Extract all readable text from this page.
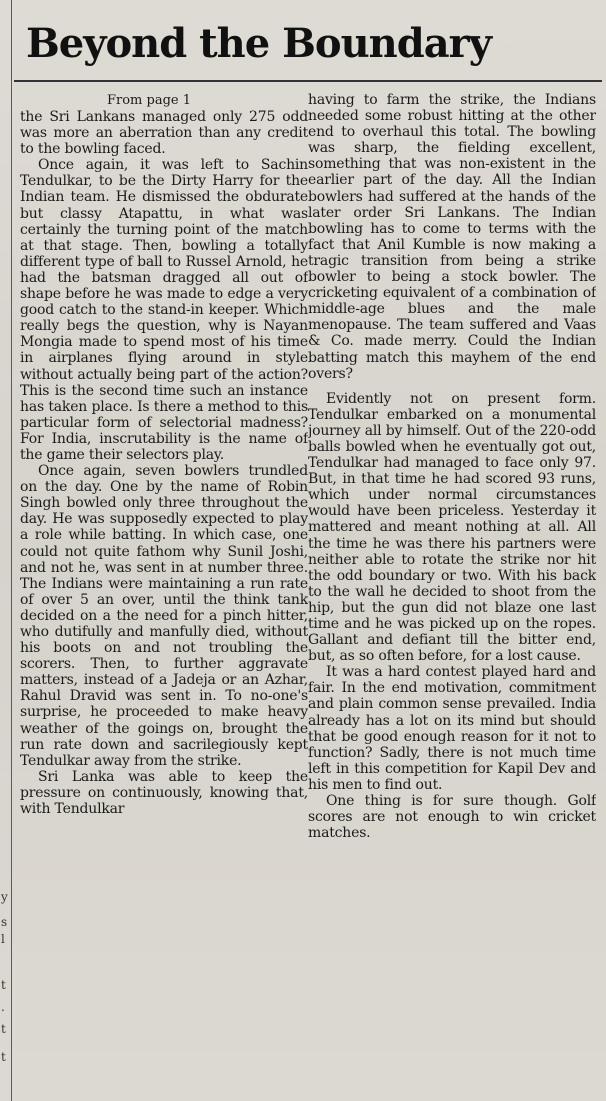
y
s
l
t
.
t
t
Beyond the Boundary
From page 1

the Sri Lankans managed only 275 odd was more an aberration than any credit to the bowling faced.

Once again, it was left to Sachin Tendulkar, to be the Dirty Harry for the Indian team. He dismissed the obdurate but classy Atapattu, in what was certainly the turning point of the match at that stage. Then, bowling a totally different type of ball to Russel Arnold, he had the batsman dragged all out of shape before he was made to edge a very good catch to the stand-in keeper. Which really begs the question, why is Nayan Mongia made to spend most of his time in airplanes flying around in style without actually being part of the action? This is the second time such an instance has taken place. Is there a method to this particular form of selectorial madness? For India, inscrutability is the name of the game their selectors play.

Once again, seven bowlers trundled on the day. One by the name of Robin Singh bowled only three throughout the day. He was supposedly expected to play a role while batting. In which case, one could not quite fathom why Sunil Joshi, and not he, was sent in at number three. The Indians were maintaining a run rate of over 5 an over, until the think tank decided on a the need for a pinch hitter, who dutifully and manfully died, without his boots on and not troubling the scorers. Then, to further aggravate matters, instead of a Jadeja or an Azhar, Rahul Dravid was sent in. To no-one's surprise, he proceeded to make heavy weather of the goings on, brought the run rate down and sacrilegiously kept Tendulkar away from the strike.

Sri Lanka was able to keep the pressure on continuously, knowing that, with Tendulkar

having to farm the strike, the Indians needed some robust hitting at the other end to overhaul this total. The bowling was sharp, the fielding excellent, something that was non-existent in the earlier part of the day. All the Indian bowlers had suffered at the hands of the later order Sri Lankans. The Indian bowling has to come to terms with the fact that Anil Kumble is now making a tragic transition from being a strike bowler to being a stock bowler. The cricketing equivalent of a combination of middle-age blues and the male menopause. The team suffered and Vaas & Co. made merry. Could the Indian batting match this mayhem of the end overs?

Evidently not on present form. Tendulkar embarked on a monumental journey all by himself. Out of the 220-odd balls bowled when he eventually got out, Tendulkar had managed to face only 97. But, in that time he had scored 93 runs, which under normal circumstances would have been priceless. Yesterday it mattered and meant nothing at all. All the time he was there his partners were neither able to rotate the strike nor hit the odd boundary or two. With his back to the wall he decided to shoot from the hip, but the gun did not blaze one last time and he was picked up on the ropes. Gallant and defiant till the bitter end, but, as so often before, for a lost cause.

It was a hard contest played hard and fair. In the end motivation, commitment and plain common sense prevailed. India already has a lot on its mind but should that be good enough reason for it not to function? Sadly, there is not much time left in this competition for Kapil Dev and his men to find out.

One thing is for sure though. Golf scores are not enough to win cricket matches.
